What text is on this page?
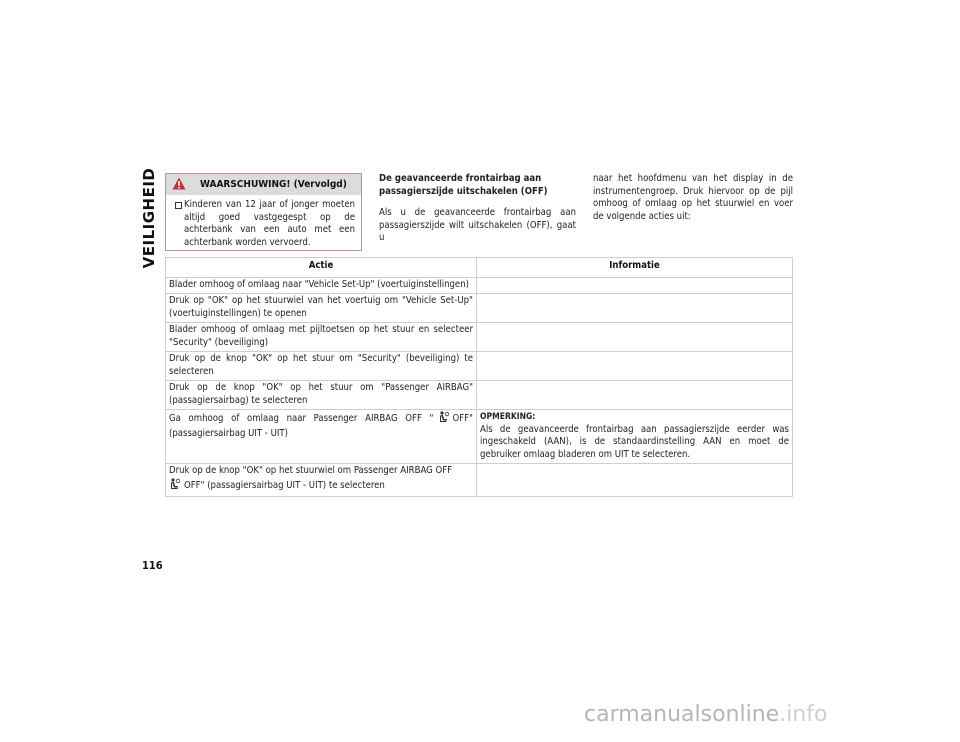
VEILIGHEID	WAARSCHUWING! (Vervolgd)
Kinderen van 12 jaar of jonger moeten altijd goed vastgegespt op de achterbank van een auto met een achterbank worden vervoerd.
De geavanceerde frontairbag aan passagierszijde uitschakelen (OFF)
Als u de geavanceerde frontairbag aan passagierszijde wilt uitschakelen (OFF), gaat u
naar het hoofdmenu van het display in de instrumentengroep. Druk hiervoor op de pijl omhoog of omlaag op het stuurwiel en voer de volgende acties uit:
Actie	Informatie
Blader omhoog of omlaag naar "Vehicle Set-Up" (voertuiginstellingen)	
Druk op "OK" op het stuurwiel van het voertuig om "Vehicle Set-Up" (voertuiginstellingen) te openen	
Blader omhoog of omlaag met pijltoetsen op het stuur en selecteer "Security" (beveiliging)	
Druk op de knop "OK" op het stuur om "Security" (beveiliging) te selecteren	
Druk op de knop "OK" op het stuur om "Passenger AIRBAG" (passagiersairbag) te selecteren	
Ga omhoog of omlaag naar Passenger AIRBAG OFF " OFF" (passagiersairbag UIT - UIT)	OPMERKING:
Als de geavanceerde frontairbag aan passagierszijde eerder was ingeschakeld (AAN), is de standaardinstelling AAN en moet de gebruiker omlaag bladeren om UIT te selecteren.

Druk op de knop "OK" op het stuurwiel om Passenger AIRBAG OFF
OFF" (passagiersairbag UIT - UIT) te selecteren	
116
carmanualsonline.info
